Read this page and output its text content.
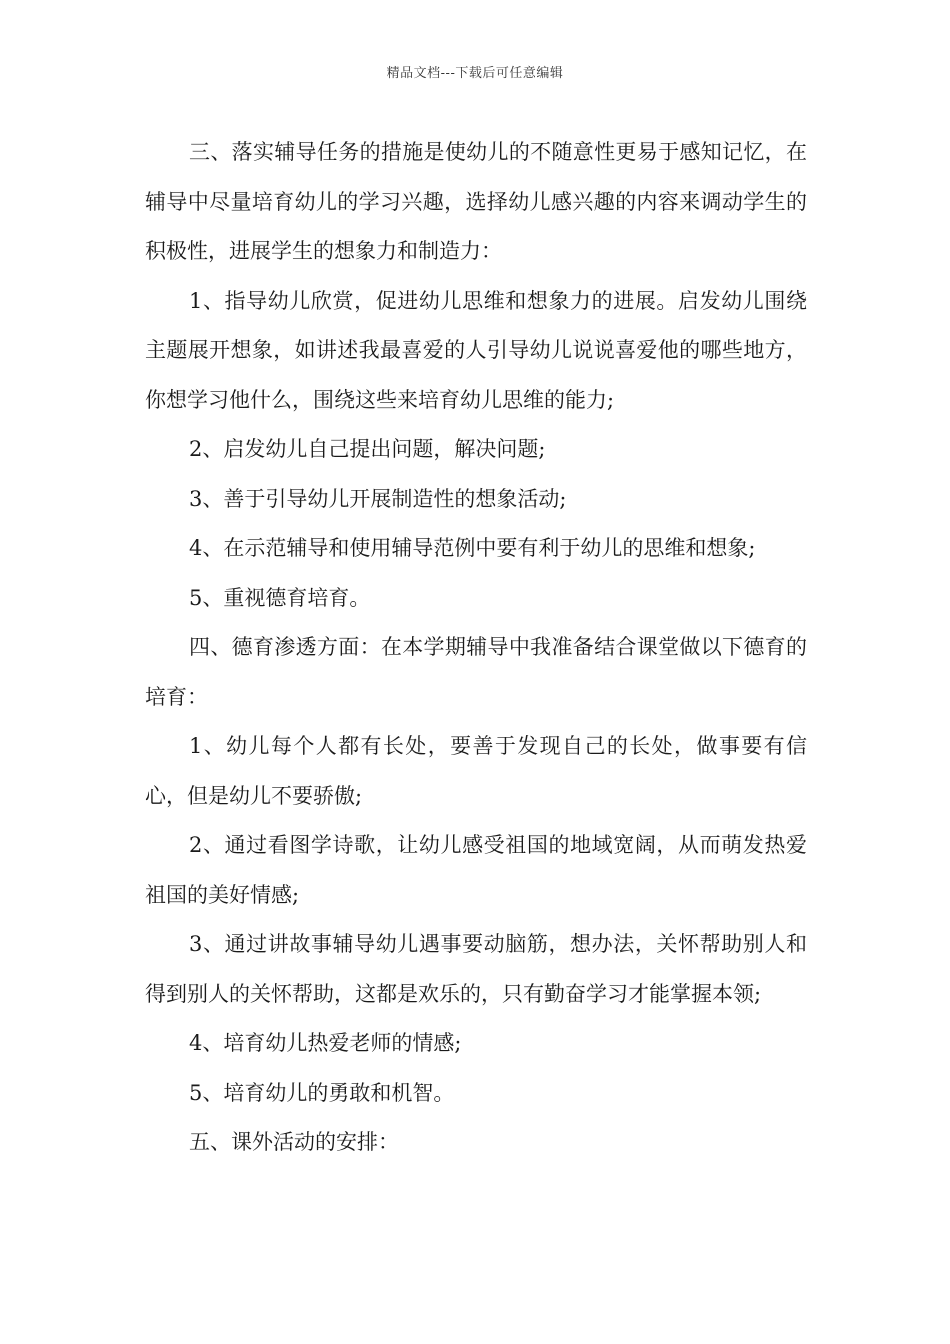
精品文档---下载后可任意编辑

三、落实辅导任务的措施是使幼儿的不随意性更易于感知记忆，在辅导中尽量培育幼儿的学习兴趣，选择幼儿感兴趣的内容来调动学生的积极性，进展学生的想象力和制造力：

1、指导幼儿欣赏，促进幼儿思维和想象力的进展。启发幼儿围绕主题展开想象，如讲述我最喜爱的人引导幼儿说说喜爱他的哪些地方，你想学习他什么，围绕这些来培育幼儿思维的能力;

2、启发幼儿自己提出问题，解决问题;

3、善于引导幼儿开展制造性的想象活动;

4、在示范辅导和使用辅导范例中要有利于幼儿的思维和想象;

5、重视德育培育。

四、德育渗透方面：在本学期辅导中我准备结合课堂做以下德育的培育：

1、幼儿每个人都有长处，要善于发现自己的长处，做事要有信心，但是幼儿不要骄傲;

2、通过看图学诗歌，让幼儿感受祖国的地域宽阔，从而萌发热爱祖国的美好情感;

3、通过讲故事辅导幼儿遇事要动脑筋，想办法，关怀帮助别人和得到别人的关怀帮助，这都是欢乐的，只有勤奋学习才能掌握本领;

4、培育幼儿热爱老师的情感;

5、培育幼儿的勇敢和机智。

五、课外活动的安排：
